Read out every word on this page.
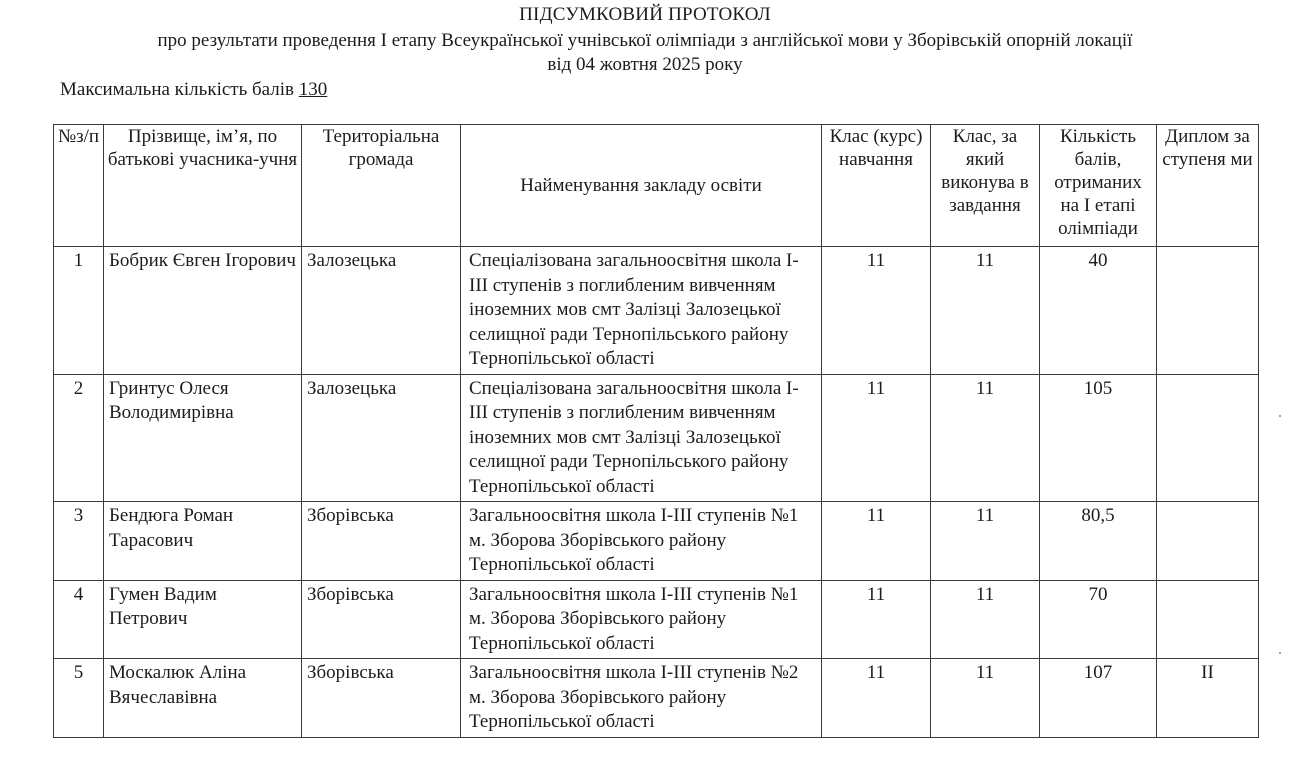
ПІДСУМКОВИЙ ПРОТОКОЛ
про результати проведення І етапу Всеукраїнської учнівської олімпіади з англійської мови у Зборівській опорній локації
від 04 жовтня 2025 року
Максимальна кількість балів 130
№з/п	Прізвище, ім’я, по батькові учасника-учня	Територіальна громада	Найменування закладу освіти	Клас (курс) навчання	Клас, за який виконува в завдання	Кількість балів, отриманих на І етапі олімпіади	Диплом за ступеня ми
1	Бобрик Євген Ігорович	Залозецька	Спеціалізована загальноосвітня школа І-ІІІ ступенів з поглибленим вивченням іноземних мов смт Залізці Залозецької селищної ради Тернопільського району Тернопільської області	11	11	40	
2	Гринтус Олеся Володимирівна	Залозецька	Спеціалізована загальноосвітня школа І-ІІІ ступенів з поглибленим вивченням іноземних мов смт Залізці Залозецької селищної ради Тернопільського району Тернопільської області	11	11	105	
3	Бендюга Роман Тарасович	Зборівська	Загальноосвітня школа І-ІІІ ступенів №1 м. Зборова Зборівського району Тернопільської області	11	11	80,5	
4	Гумен Вадим Петрович	Зборівська	Загальноосвітня школа І-ІІІ ступенів №1 м. Зборова Зборівського району Тернопільської області	11	11	70	
5	Москалюк Аліна Вячеславівна	Зборівська	Загальноосвітня школа І-ІІІ ступенів №2 м. Зборова Зборівського району Тернопільської області	11	11	107	ІІ
